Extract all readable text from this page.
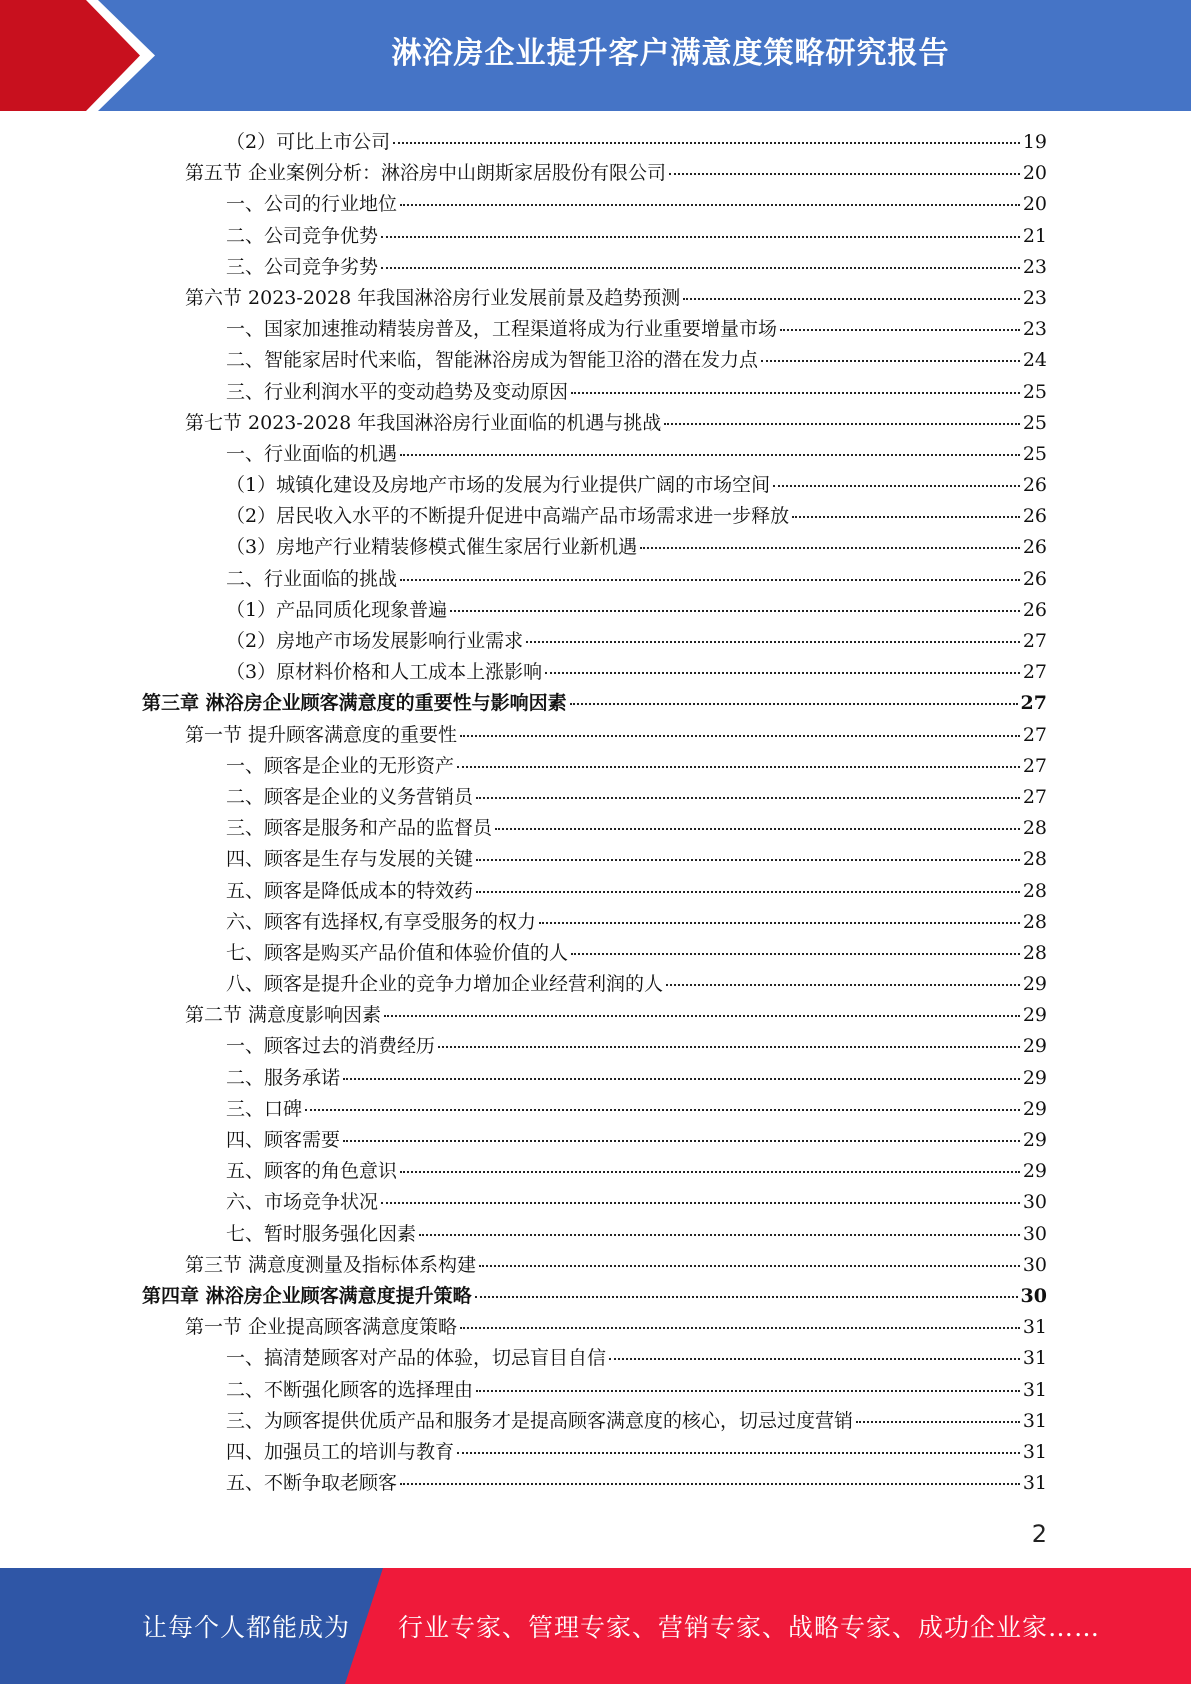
淋浴房企业提升客户满意度策略研究报告
（2）可比上市公司	19
第五节 企业案例分析：淋浴房中山朗斯家居股份有限公司	20
一、公司的行业地位	20
二、公司竞争优势	21
三、公司竞争劣势	23
第六节 2023-2028 年我国淋浴房行业发展前景及趋势预测	23
一、国家加速推动精装房普及，工程渠道将成为行业重要增量市场	23
二、智能家居时代来临，智能淋浴房成为智能卫浴的潜在发力点	24
三、行业利润水平的变动趋势及变动原因	25
第七节 2023-2028 年我国淋浴房行业面临的机遇与挑战	25
一、行业面临的机遇	25
（1）城镇化建设及房地产市场的发展为行业提供广阔的市场空间	26
（2）居民收入水平的不断提升促进中高端产品市场需求进一步释放	26
（3）房地产行业精装修模式催生家居行业新机遇	26
二、行业面临的挑战	26
（1）产品同质化现象普遍	26
（2）房地产市场发展影响行业需求	27
（3）原材料价格和人工成本上涨影响	27
第三章 淋浴房企业顾客满意度的重要性与影响因素	27
第一节 提升顾客满意度的重要性	27
一、顾客是企业的无形资产	27
二、顾客是企业的义务营销员	27
三、顾客是服务和产品的监督员	28
四、顾客是生存与发展的关键	28
五、顾客是降低成本的特效药	28
六、顾客有选择权,有享受服务的权力	28
七、顾客是购买产品价值和体验价值的人	28
八、顾客是提升企业的竞争力增加企业经营利润的人	29
第二节 满意度影响因素	29
一、顾客过去的消费经历	29
二、服务承诺	29
三、口碑	29
四、顾客需要	29
五、顾客的角色意识	29
六、市场竞争状况	30
七、暂时服务强化因素	30
第三节 满意度测量及指标体系构建	30
第四章 淋浴房企业顾客满意度提升策略	30
第一节 企业提高顾客满意度策略	31
一、搞清楚顾客对产品的体验，切忌盲目自信	31
二、不断强化顾客的选择理由	31
三、为顾客提供优质产品和服务才是提高顾客满意度的核心，切忌过度营销	31
四、加强员工的培训与教育	31
五、不断争取老顾客	31
2
让每个人都能成为 行业专家、管理专家、营销专家、战略专家、成功企业家……
